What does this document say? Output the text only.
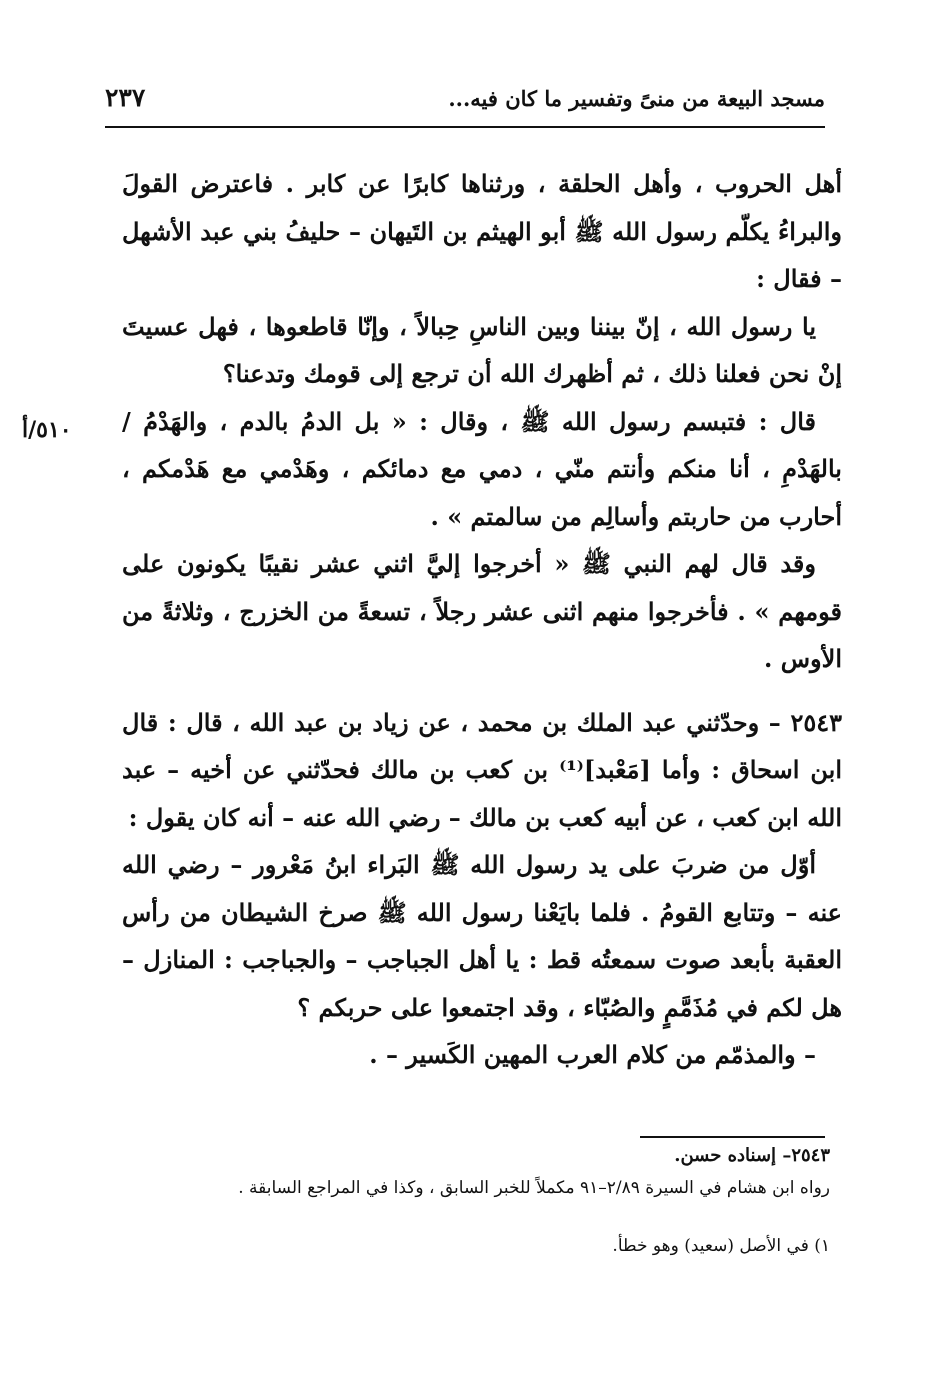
مسجد البيعة من منىً وتفسير ما كان فيه...
٢٣٧
٥١٠/أ

أهل الحروب ، وأهل الحلقة ، ورثناها كابرًا عن كابر . فاعترض القولَ والبراءُ يكلّم رسول الله ﷺ أبو الهيثم بن التَيهان – حليفُ بني عبد الأشهل – فقال :

يا رسول الله ، إنّ بيننا وبين الناسِ حِبالاً ، وإنّا قاطعوها ، فهل عسيتَ إنْ نحن فعلنا ذلك ، ثم أظهرك الله أن ترجع إلى قومك وتدعنا؟

قال : فتبسم رسول الله ﷺ ، وقال : « بل الدمُ بالدم ، والهَدْمُ / بالهَدْمِ ، أنا منكم وأنتم منّي ، دمي مع دمائكم ، وهَدْمي مع هَدْمكم ، أحارب من حاربتم وأسالِم من سالمتم » .

وقد قال لهم النبي ﷺ « أخرجوا إليَّ اثني عشر نقيبًا يكونون على قومهم » . فأخرجوا منهم اثنى عشر رجلاً ، تسعةً من الخزرج ، وثلاثةً من الأوس .

٢٥٤٣ – وحدّثني عبد الملك بن محمد ، عن زياد بن عبد الله ، قال : قال ابن اسحاق : وأما [مَعْبد]⁽¹⁾ بن كعب بن مالك فحدّثني عن أخيه – عبد الله ابن كعب ، عن أبيه كعب بن مالك – رضي الله عنه – أنه كان يقول :

أوّل من ضربَ على يد رسول الله ﷺ البَراء ابنُ مَعْرور – رضي الله عنه – وتتابع القومُ . فلما بايَعْنا رسول الله ﷺ صرخ الشيطان من رأس العقبة بأبعد صوت سمعتُه قط : يا أهل الجباجب – والجباجب : المنازل – هل لكم في مُذَمَّمٍ والصُبّاء ، وقد اجتمعوا على حربكم ؟

– والمذمّم من كلام العرب المهين الكَسير – .

٢٥٤٣– إسناده حسن.

رواه ابن هشام في السيرة ٢/٨٩–٩١ مكملاً للخبر السابق ، وكذا في المراجع السابقة .

١) في الأصل (سعيد) وهو خطأ.
